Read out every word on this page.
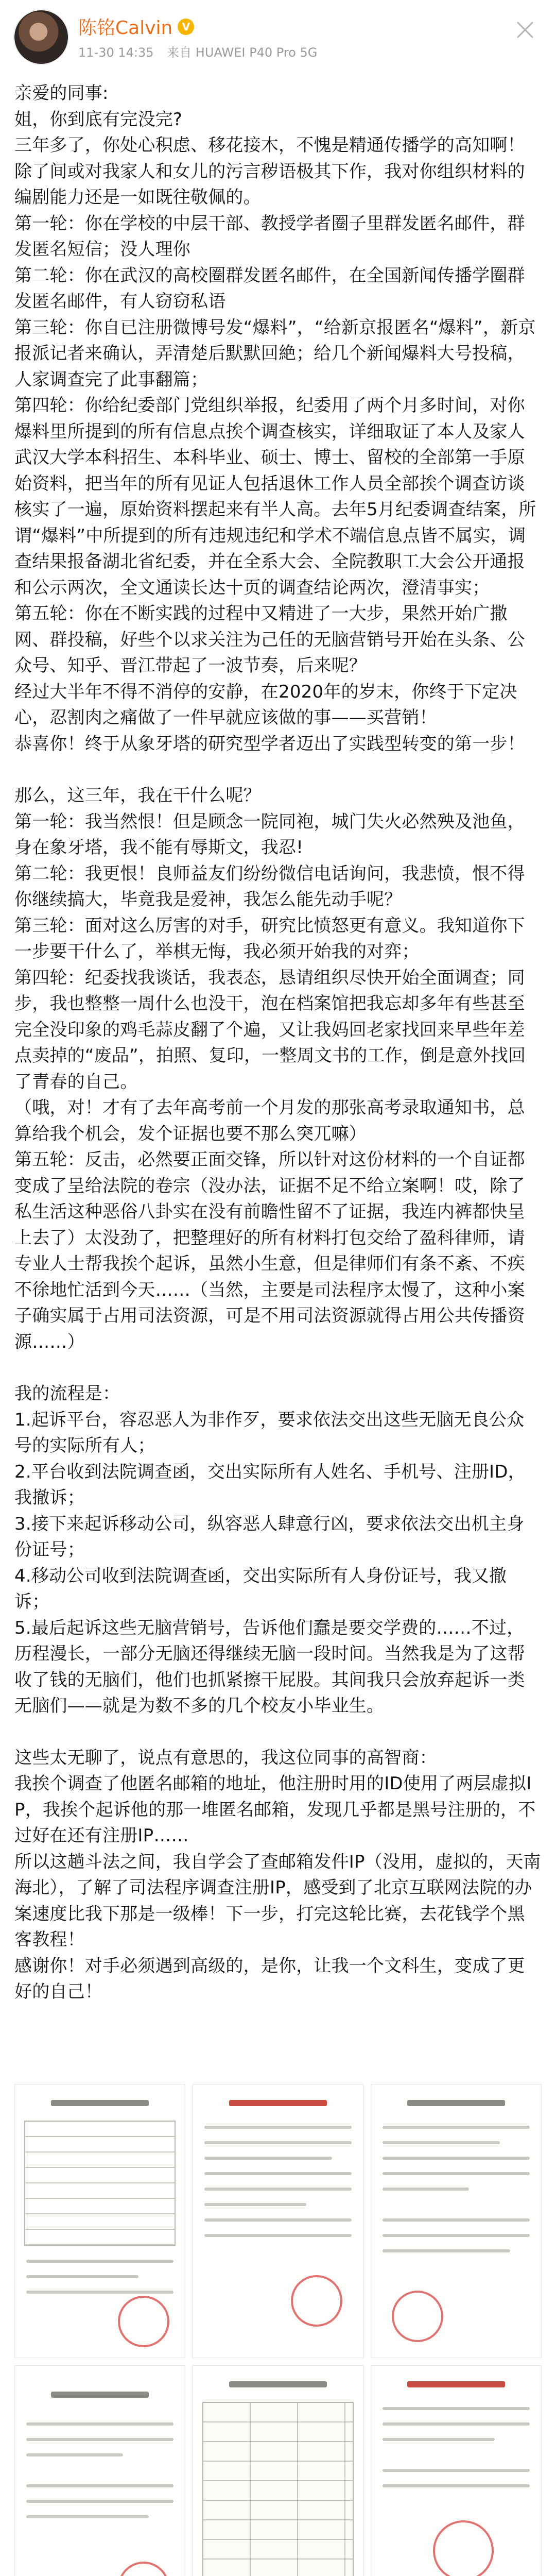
陈铭Calvin V
11-30 14:35 来自 HUAWEI P40 Pro 5G

亲爱的同事:
姐，你到底有完没完?
三年多了，你处心积虑、移花接木，不愧是精通传播学的高知啊！除了间或对我家人和女儿的污言秽语极其下作，我对你组织材料的编剧能力还是一如既往敬佩的。
第一轮：你在学校的中层干部、教授学者圈子里群发匿名邮件，群发匿名短信；没人理你
第二轮：你在武汉的高校圈群发匿名邮件，在全国新闻传播学圈群发匿名邮件，有人窃窃私语
第三轮：你自已注册微博号发“爆料”，“给新京报匿名“爆料”，新京报派记者来确认，弄清楚后默默回絶；给几个新闻爆料大号投稿，人家调查完了此事翻篇；
第四轮：你给纪委部门党组织举报，纪委用了两个月多时间，对你爆料里所提到的所有信息点挨个调查核实，详细取证了本人及家人武汉大学本科招生、本科毕业、硕士、博士、留校的全部第一手原始资料，把当年的所有见证人包括退休工作人员全部挨个调查访谈核实了一遍，原始资料摆起来有半人高。去年5月纪委调查结案，所谓“爆料”中所提到的所有违规违纪和学术不端信息点皆不属实，调查结果报备湖北省纪委，并在全系大会、全院教职工大会公开通报和公示两次，全文通读长达十页的调查结论两次，澄清事实；
第五轮：你在不断实践的过程中又精进了一大步，果然开始广撒网、群投稿，好些个以求关注为己任的无脑营销号开始在头条、公众号、知乎、晋江带起了一波节奏，后来呢？
经过大半年不得不消停的安静，在2020年的岁末，你终于下定决心，忍割肉之痛做了一件早就应该做的事——买营销！
恭喜你！终于从象牙塔的研究型学者迈出了实践型转变的第一步！

那么，这三年，我在干什么呢？
第一轮：我当然恨！但是顾念一院同袍，城门失火必然殃及池鱼，身在象牙塔，我不能有辱斯文，我忍!
第二轮：我更恨！良师益友们纷纷微信电话询问，我悲愤，恨不得你继续搞大，毕竟我是爱神，我怎么能先动手呢？
第三轮：面对这么厉害的对手，研究比愤怒更有意义。我知道你下一步要干什么了，举棋无悔，我必须开始我的对弈；
第四轮：纪委找我谈话，我表态，恳请组织尽快开始全面调查；同步，我也整整一周什么也没干，泡在档案馆把我忘却多年有些甚至完全没印象的鸡毛蒜皮翻了个遍，又让我妈回老家找回来早些年差点卖掉的“废品”，拍照、复印，一整周文书的工作，倒是意外找回了青春的自己。
（哦，对！才有了去年高考前一个月发的那张高考录取通知书，总算给我个机会，发个证据也要不那么突兀嘛）
第五轮：反击，必然要正面交锋，所以针对这份材料的一个自证都变成了呈给法院的卷宗（没办法，证据不足不给立案啊！哎，除了私生活这种恶俗八卦实在没有前瞻性留不了证据，我连内裤都快呈上去了）太没劲了，把整理好的所有材料打包交给了盈科律师，请专业人士帮我挨个起诉，虽然小生意，但是律师们有条不紊、不疾不徐地忙活到今天……（当然，主要是司法程序太慢了，这种小案子确实属于占用司法资源，可是不用司法资源就得占用公共传播资源……）

我的流程是：
1.起诉平台，容忍恶人为非作歹，要求依法交出这些无脑无良公众号的实际所有人；
2.平台收到法院调查函，交出实际所有人姓名、手机号、注册ID，我撤诉；
3.接下来起诉移动公司，纵容恶人肆意行凶，要求依法交出机主身份证号；
4.移动公司收到法院调查函，交出实际所有人身份证号，我又撤诉；
5.最后起诉这些无脑营销号，告诉他们蠢是要交学费的……不过，历程漫长，一部分无脑还得继续无脑一段时间。当然我是为了这帮收了钱的无脑们，他们也抓紧擦干屁股。其间我只会放弃起诉一类无脑们——就是为数不多的几个校友小毕业生。

这些太无聊了，说点有意思的，我这位同事的高智商：
我挨个调查了他匿名邮箱的地址，他注册时用的ID使用了两层虚拟IP，我挨个起诉他的那一堆匿名邮箱，发现几乎都是黑号注册的，不过好在还有注册IP……
所以这趟斗法之间，我自学会了查邮箱发件IP（没用，虚拟的，天南海北），了解了司法程序调查注册IP，感受到了北京互联网法院的办案速度比我下那是一级棒！下一步，打完这轮比赛，去花钱学个黑客教程！
感谢你！对手必须遇到高级的，是你，让我一个文科生，变成了更好的自己！
